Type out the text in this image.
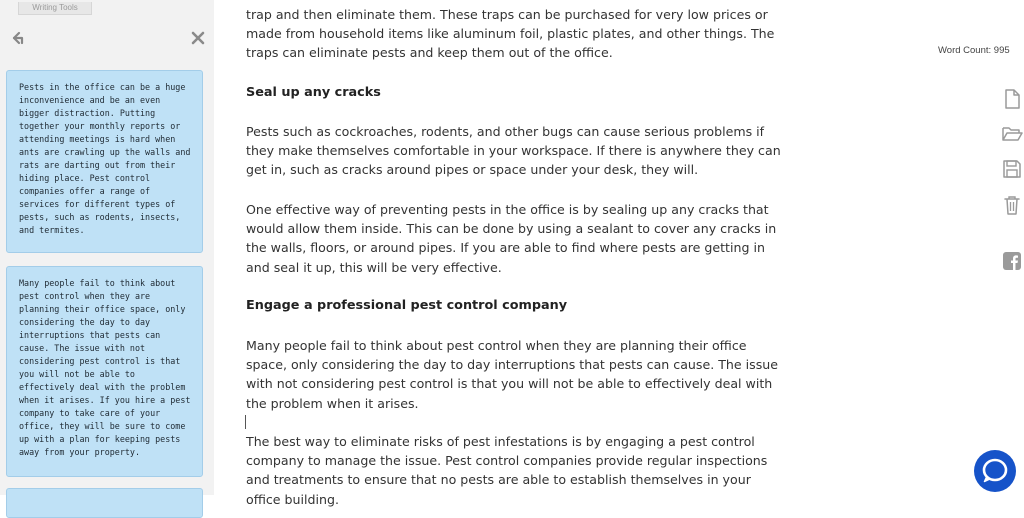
Writing Tools
Pests in the office can be a huge inconvenience and be an even bigger distraction. Putting together your monthly reports or attending meetings is hard when ants are crawling up the walls and rats are darting out from their hiding place. Pest control companies offer a range of services for different types of pests, such as rodents, insects, and termites.
Many people fail to think about pest control when they are planning their office space, only considering the day to day interruptions that pests can cause. The issue with not considering pest control is that you will not be able to effectively deal with the problem when it arises. If you hire a pest company to take care of your office, they will be sure to come up with a plan for keeping pests away from your property.

trap and then eliminate them. These traps can be purchased for very low prices or made from household items like aluminum foil, plastic plates, and other things. The traps can eliminate pests and keep them out of the office.

Seal up any cracks

Pests such as cockroaches, rodents, and other bugs can cause serious problems if they make themselves comfortable in your workspace. If there is anywhere they can get in, such as cracks around pipes or space under your desk, they will.

One effective way of preventing pests in the office is by sealing up any cracks that would allow them inside. This can be done by using a sealant to cover any cracks in the walls, floors, or around pipes. If you are able to find where pests are getting in and seal it up, this will be very effective.

Engage a professional pest control company

Many people fail to think about pest control when they are planning their office space, only considering the day to day interruptions that pests can cause. The issue with not considering pest control is that you will not be able to effectively deal with the problem when it arises.

The best way to eliminate risks of pest infestations is by engaging a pest control company to manage the issue. Pest control companies provide regular inspections and treatments to ensure that no pests are able to establish themselves in your office building.

Word Count: 995
